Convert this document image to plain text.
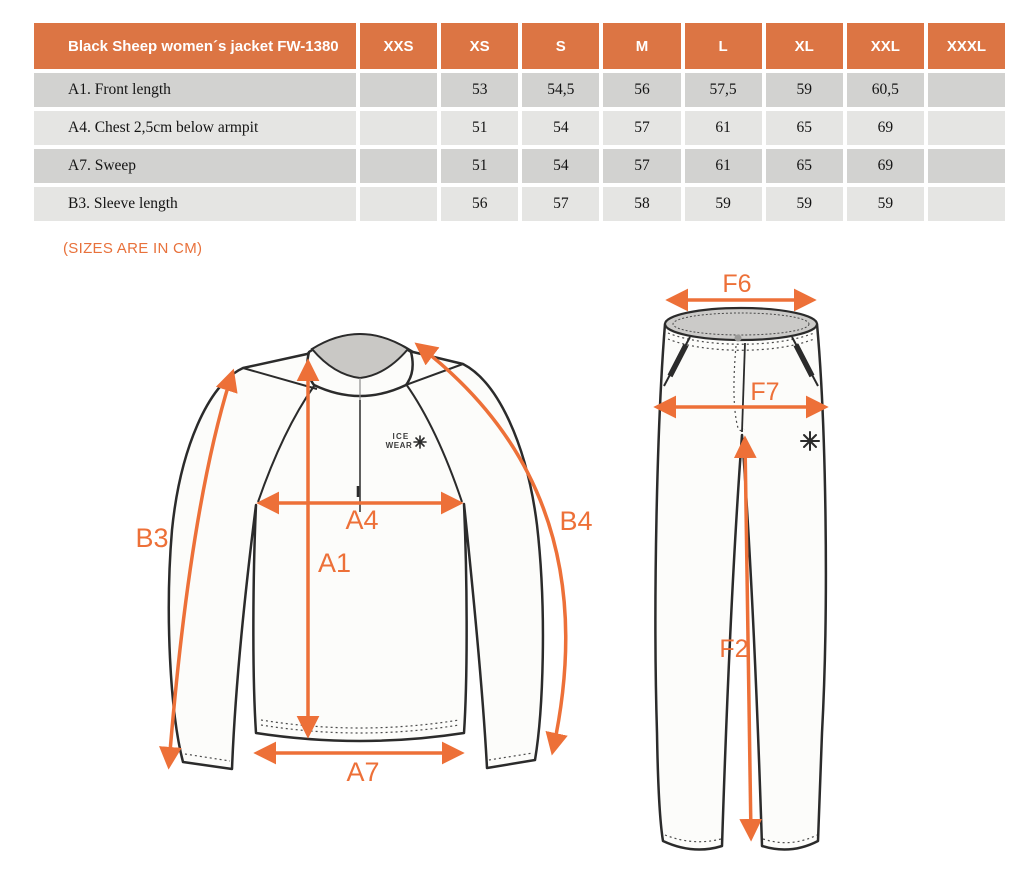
Black Sheep women´s jacket FW-1380	XXS	XS	S	M	L	XL	XXL	XXXL
A1. Front length		53	54,5	56	57,5	59	60,5	
A4. Chest 2,5cm below armpit		51	54	57	61	65	69	
A7. Sweep		51	54	57	61	65	69	
B3. Sleeve length		56	57	58	59	59	59	
(SIZES ARE IN CM)
ICE
WEAR
B3
A4
A1
B4
A7
F6
F7
F2
